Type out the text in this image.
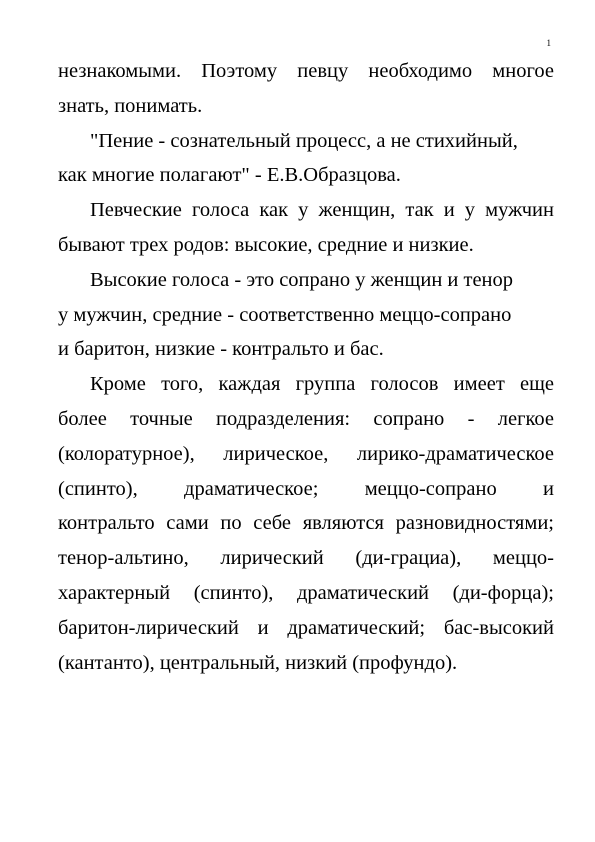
1
незнакомыми. Поэтому певцу необходимо многое
знать, понимать.
"Пение - сознательный процесс, а не стихийный,
как многие полагают" - Е.В.Образцова.
Певческие голоса как у женщин, так и у мужчин
бывают трех родов: высокие, средние и низкие.
Высокие голоса - это сопрано у женщин и тенор
у мужчин, средние - соответственно меццо-сопрано
и баритон, низкие - контральто и бас.
Кроме того, каждая группа голосов имеет еще
более точные подразделения: сопрано - легкое
(колоратурное), лирическое, лирико-драматическое
(спинто), драматическое; меццо-сопрано и
контральто сами по себе являются разновидностями;
тенор-альтино, лирический (ди-грациа), меццо-
характерный (спинто), драматический (ди-форца);
баритон-лирический и драматический; бас-высокий
(кантанто), центральный, низкий (профундо).
